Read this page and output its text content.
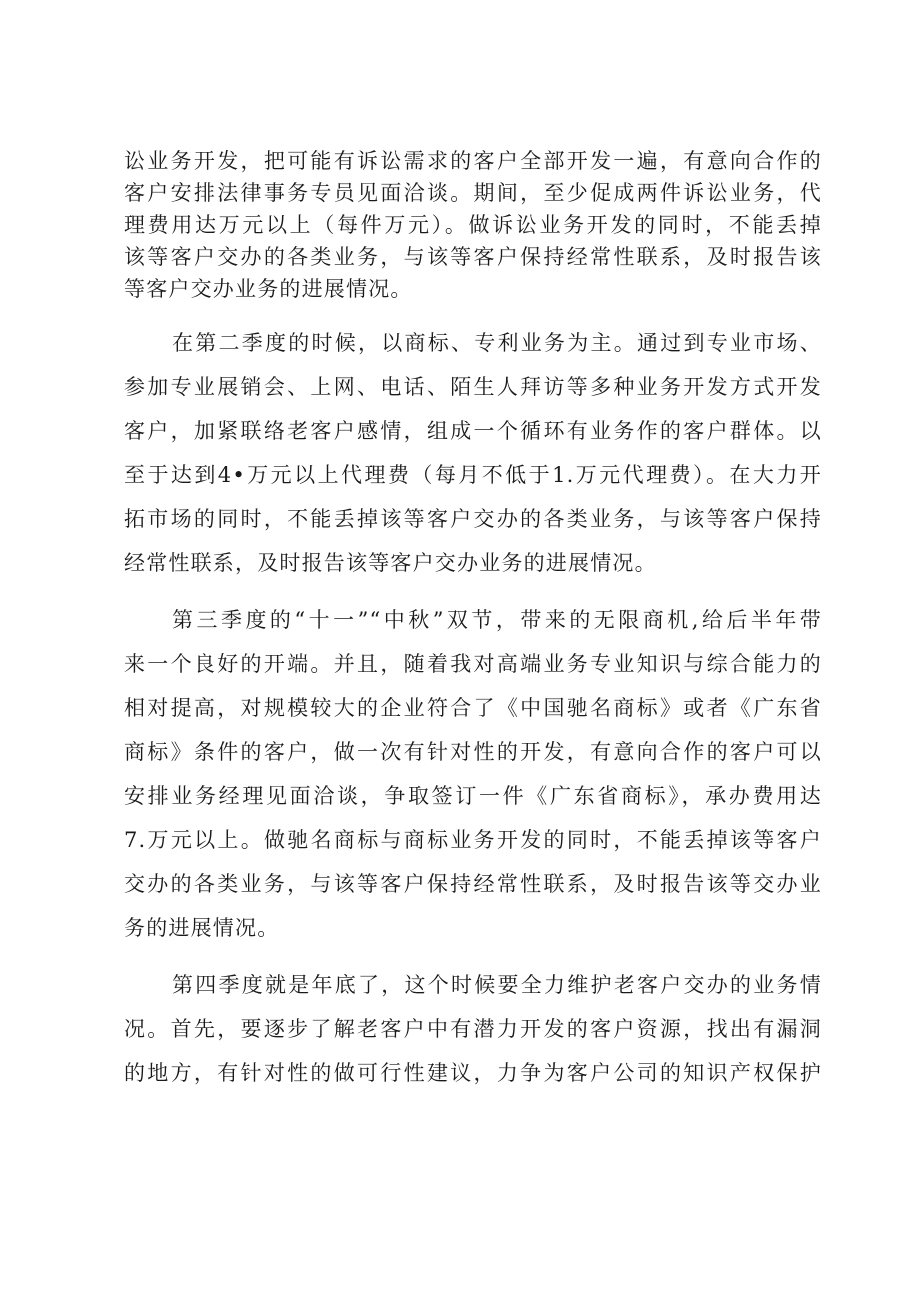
讼业务开发，把可能有诉讼需求的客户全部开发一遍，有意向合作的
客户安排法律事务专员见面洽谈。期间，至少促成两件诉讼业务，代
理费用达万元以上（每件万元）。做诉讼业务开发的同时，不能丢掉
该等客户交办的各类业务，与该等客户保持经常性联系，及时报告该
等客户交办业务的进展情况。

在第二季度的时候，以商标、专利业务为主。通过到专业市场、
参加专业展销会、上网、电话、陌生人拜访等多种业务开发方式开发
客户，加紧联络老客户感情，组成一个循环有业务作的客户群体。以
至于达到4•万元以上代理费（每月不低于1.万元代理费）。在大力开
拓市场的同时，不能丢掉该等客户交办的各类业务，与该等客户保持
经常性联系，及时报告该等客户交办业务的进展情况。

第三季度的“十一”“中秋”双节，带来的无限商机,给后半年带
来一个良好的开端。并且，随着我对高端业务专业知识与综合能力的
相对提高，对规模较大的企业符合了《中国驰名商标》或者《广东省
商标》条件的客户，做一次有针对性的开发，有意向合作的客户可以
安排业务经理见面洽谈，争取签订一件《广东省商标》，承办费用达
7.万元以上。做驰名商标与商标业务开发的同时，不能丢掉该等客户
交办的各类业务，与该等客户保持经常性联系，及时报告该等交办业
务的进展情况。

第四季度就是年底了，这个时候要全力维护老客户交办的业务情
况。首先，要逐步了解老客户中有潜力开发的客户资源，找出有漏洞
的地方，有针对性的做可行性建议，力争为客户公司的知识产权保护
